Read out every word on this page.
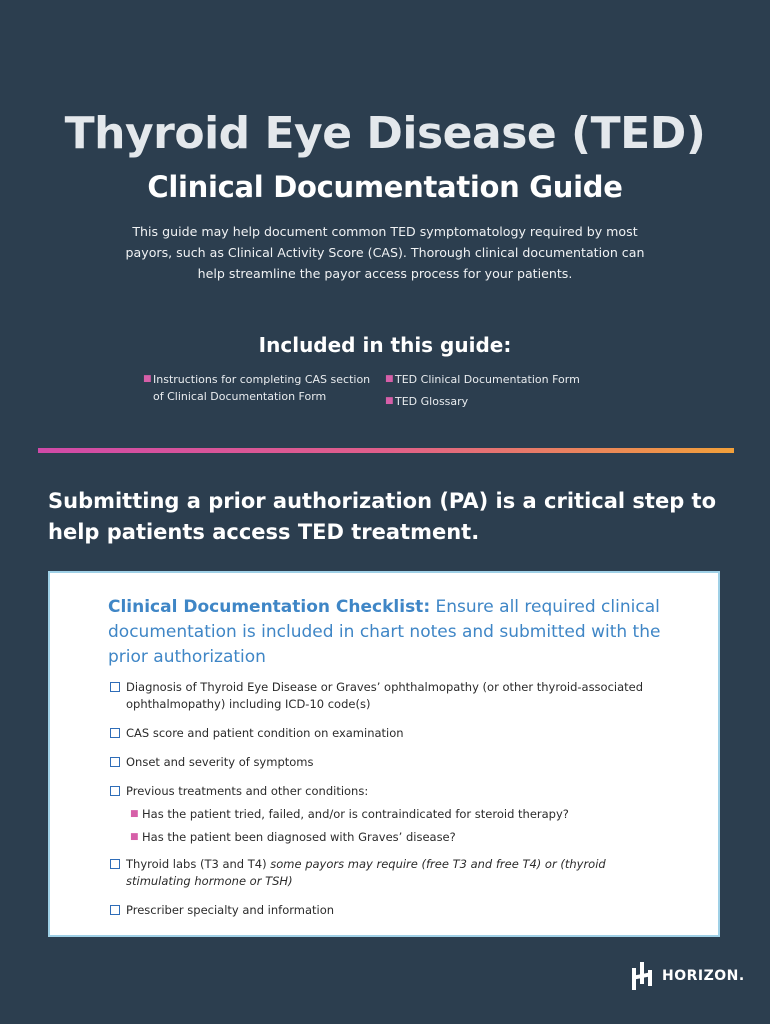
Thyroid Eye Disease (TED)
Clinical Documentation Guide
This guide may help document common TED symptomatology required by most payors, such as Clinical Activity Score (CAS). Thorough clinical documentation can help streamline the payor access process for your patients.
Included in this guide:
■ Instructions for completing CAS section of Clinical Documentation Form
■ TED Clinical Documentation Form
■ TED Glossary
Submitting a prior authorization (PA) is a critical step to help patients access TED treatment.
Clinical Documentation Checklist: Ensure all required clinical documentation is included in chart notes and submitted with the prior authorization
Diagnosis of Thyroid Eye Disease or Graves’ ophthalmopathy (or other thyroid-associated ophthalmopathy) including ICD-10 code(s)
CAS score and patient condition on examination
Onset and severity of symptoms
Previous treatments and other conditions:
■ Has the patient tried, failed, and/or is contraindicated for steroid therapy?
■ Has the patient been diagnosed with Graves’ disease?
Thyroid labs (T3 and T4) some payors may require (free T3 and free T4) or (thyroid stimulating hormone or TSH)
Prescriber specialty and information
HORIZON.
